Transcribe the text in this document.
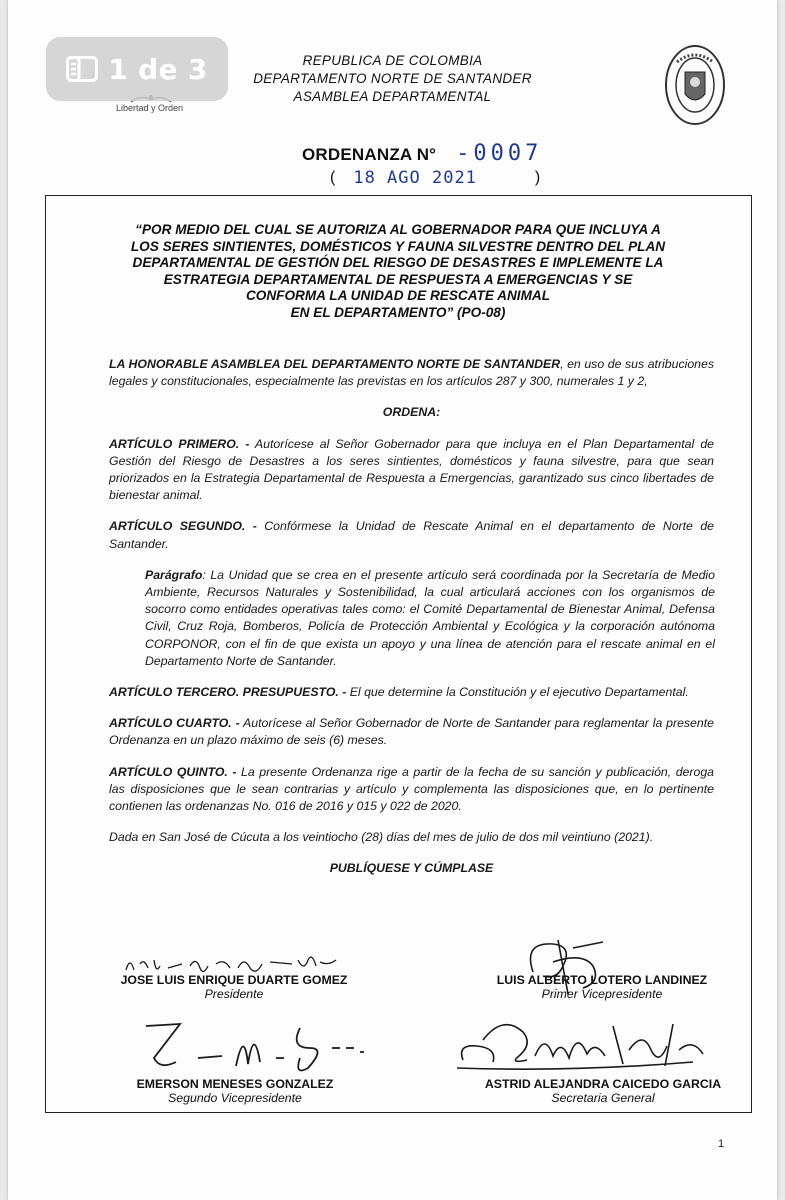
1 de 3
Libertad y Orden
REPUBLICA DE COLOMBIA
DEPARTAMENTO NORTE DE SANTANDER
ASAMBLEA DEPARTAMENTAL
ORDENANZA N° -0007
( 18 AGO 2021	)
“POR MEDIO DEL CUAL SE AUTORIZA AL GOBERNADOR PARA QUE INCLUYA A
LOS SERES SINTIENTES, DOMÉSTICOS Y FAUNA SILVESTRE DENTRO DEL PLAN
DEPARTAMENTAL DE GESTIÓN DEL RIESGO DE DESASTRES E IMPLEMENTE LA
ESTRATEGIA DEPARTAMENTAL DE RESPUESTA A EMERGENCIAS Y SE
CONFORMA LA UNIDAD DE RESCATE ANIMAL
EN EL DEPARTAMENTO” (PO-08)

LA HONORABLE ASAMBLEA DEL DEPARTAMENTO NORTE DE SANTANDER, en uso de sus atribuciones legales y constitucionales, especialmente las previstas en los artículos 287 y 300, numerales 1 y 2,

ORDENA:

ARTÍCULO PRIMERO. - Autorícese al Señor Gobernador para que incluya en el Plan Departamental de Gestión del Riesgo de Desastres a los seres sintientes, domésticos y fauna silvestre, para que sean priorizados en la Estrategia Departamental de Respuesta a Emergencias, garantizado sus cinco libertades de bienestar animal.

ARTÍCULO SEGUNDO. - Confórmese la Unidad de Rescate Animal en el departamento de Norte de Santander.

Parágrafo: La Unidad que se crea en el presente artículo será coordinada por la Secretaría de Medio Ambiente, Recursos Naturales y Sostenibilidad, la cual articulará acciones con los organismos de socorro como entidades operativas tales como: el Comité Departamental de Bienestar Animal, Defensa Civil, Cruz Roja, Bomberos, Policía de Protección Ambiental y Ecológica y la corporación autónoma CORPONOR, con el fin de que exista un apoyo y una línea de atención para el rescate animal en el Departamento Norte de Santander.

ARTÍCULO TERCERO. PRESUPUESTO. - El que determine la Constitución y el ejecutivo Departamental.

ARTÍCULO CUARTO. - Autorícese al Señor Gobernador de Norte de Santander para reglamentar la presente Ordenanza en un plazo máximo de seis (6) meses.

ARTÍCULO QUINTO. - La presente Ordenanza rige a partir de la fecha de su sanción y publicación, deroga las disposiciones que le sean contrarias y artículo y complementa las disposiciones que, en lo pertinente contienen las ordenanzas No. 016 de 2016 y 015 y 022 de 2020.

Dada en San José de Cúcuta a los veintiocho (28) días del mes de julio de dos mil veintiuno (2021).

PUBLÍQUESE Y CÚMPLASE

JOSE LUIS ENRIQUE DUARTE GOMEZ
Presidente
LUIS ALBERTO LOTERO LANDINEZ
Primer Vicepresidente
EMERSON MENESES GONZALEZ
Segundo Vicepresidente
ASTRID ALEJANDRA CAICEDO GARCIA
Secretaria General
1
